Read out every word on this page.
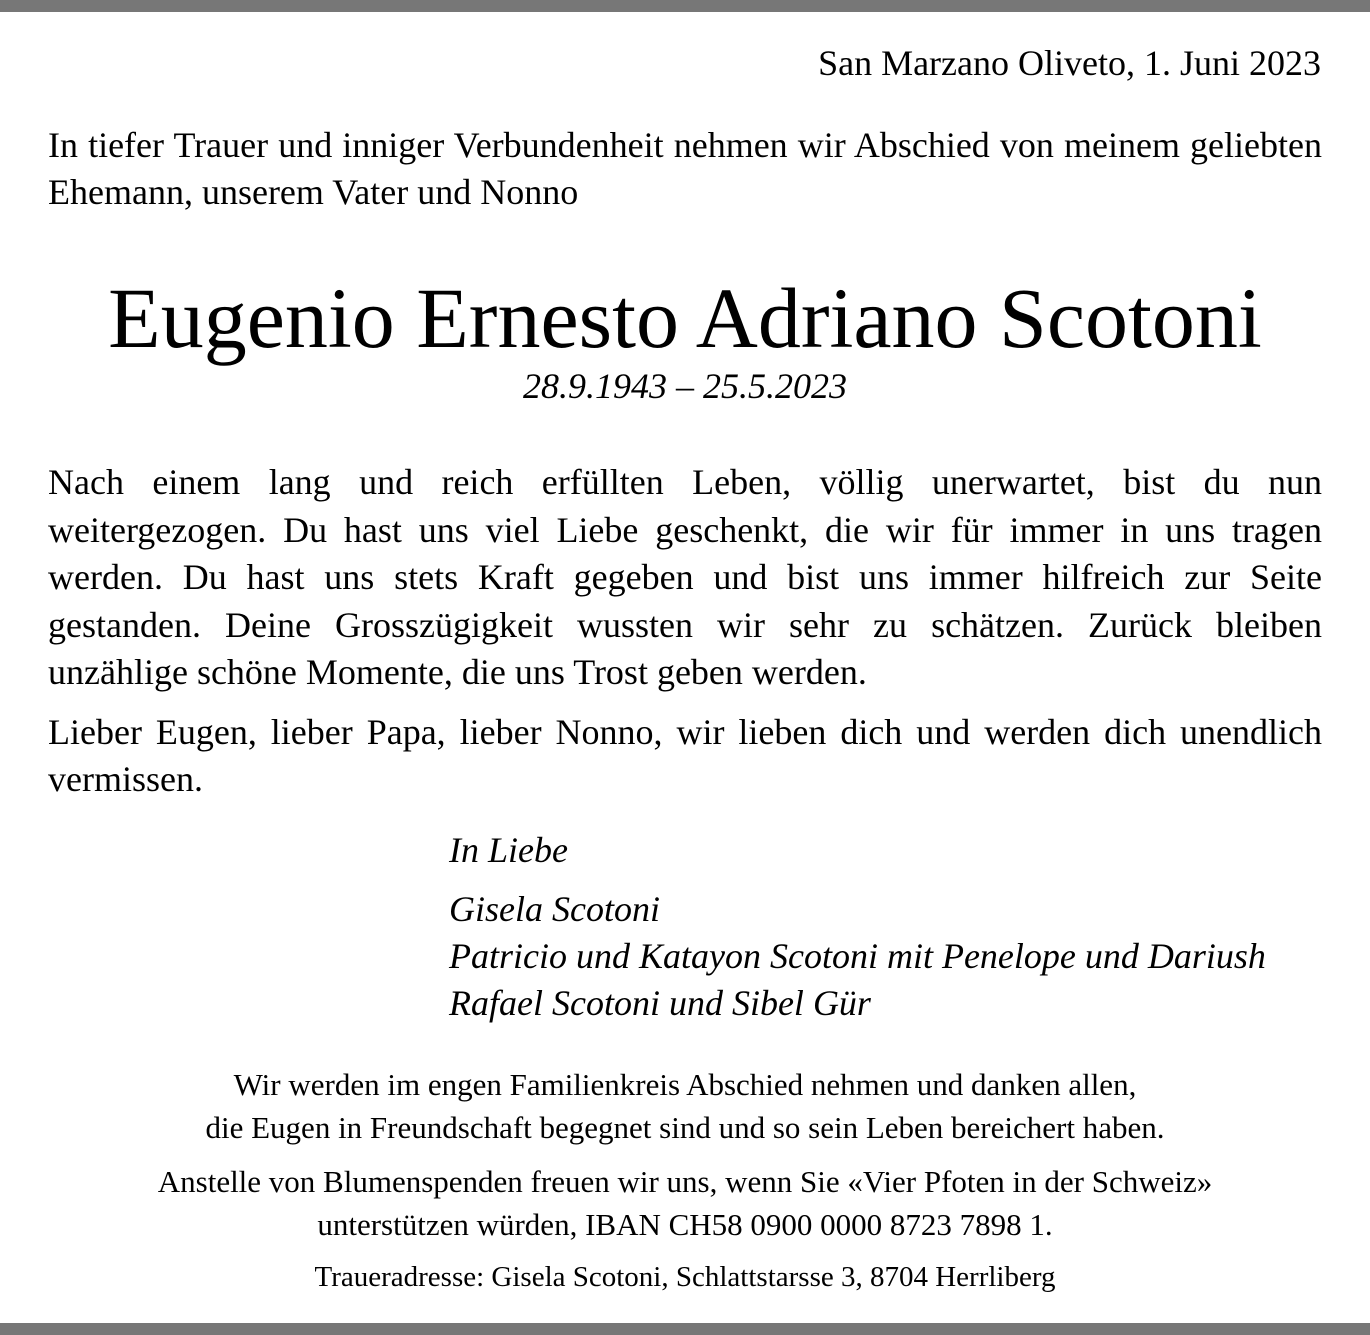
San Marzano Oliveto, 1. Juni 2023
In tiefer Trauer und inniger Verbundenheit nehmen wir Abschied von meinem geliebten Ehemann, unserem Vater und Nonno
Eugenio Ernesto Adriano Scotoni
28.9.1943 – 25.5.2023
Nach einem lang und reich erfüllten Leben, völlig unerwartet, bist du nun weitergezogen. Du hast uns viel Liebe geschenkt, die wir für immer in uns tragen werden. Du hast uns stets Kraft gegeben und bist uns immer hilfreich zur Seite gestanden. Deine Grosszügigkeit wussten wir sehr zu schätzen. Zurück bleiben unzählige schöne Momente, die uns Trost geben werden.
Lieber Eugen, lieber Papa, lieber Nonno, wir lieben dich und werden dich unendlich vermissen.
In Liebe
Gisela Scotoni
Patricio und Katayon Scotoni mit Penelope und Dariush
Rafael Scotoni und Sibel Gür
Wir werden im engen Familienkreis Abschied nehmen und danken allen,
die Eugen in Freundschaft begegnet sind und so sein Leben bereichert haben.
Anstelle von Blumenspenden freuen wir uns, wenn Sie «Vier Pfoten in der Schweiz»
unterstützen würden, IBAN CH58 0900 0000 8723 7898 1.
Traueradresse: Gisela Scotoni, Schlattstarsse 3, 8704 Herrliberg
